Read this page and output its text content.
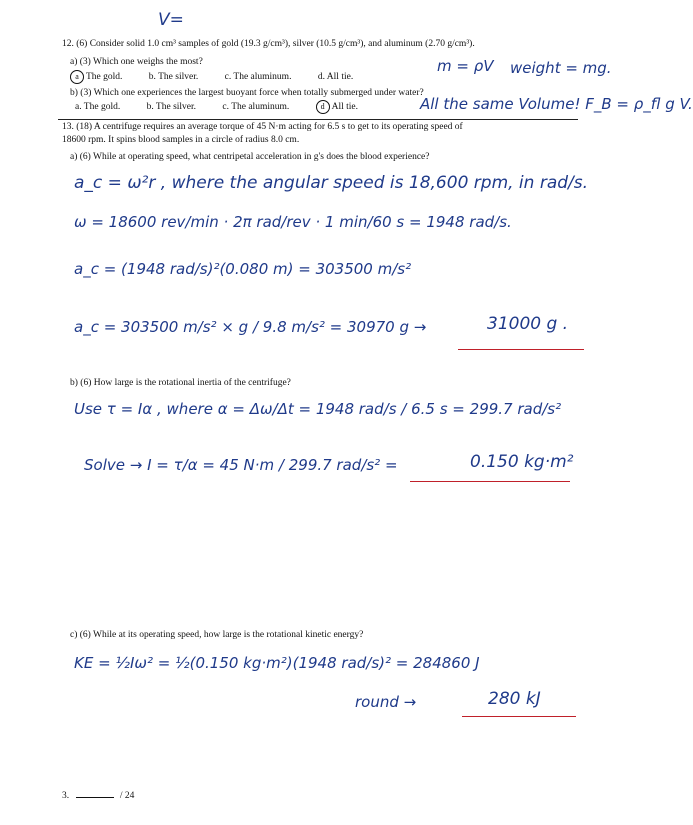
V=
12. (6) Consider solid 1.0 cm³ samples of gold (19.3 g/cm³), silver (10.5 g/cm³), and aluminum (2.70 g/cm³).
a) (3) Which one weighs the most?
a The gold.	b. The silver.	c. The aluminum.	d. All tie.
m = ρV weight = mg.
b) (3) Which one experiences the largest buoyant force when totally submerged under water?
a. The gold.	b. The silver.	c. The aluminum.	d All tie.	All the same Volume! F_B = ρ_fl g V.
13. (18) A centrifuge requires an average torque of 45 N·m acting for 6.5 s to get to its operating speed of
18600 rpm. It spins blood samples in a circle of radius 8.0 cm.
a) (6) While at operating speed, what centripetal acceleration in g's does the blood experience?
a_c = ω²r , where the angular speed is 18,600 rpm, in rad/s.
ω = 18600 rev/min · 2π rad/rev · 1 min/60 s = 1948 rad/s.
a_c = (1948 rad/s)²(0.080 m) = 303500 m/s²
a_c = 303500 m/s² × g / 9.8 m/s² = 30970 g →	31000 g .
b) (6) How large is the rotational inertia of the centrifuge?
Use τ = Iα , where α = Δω/Δt = 1948 rad/s / 6.5 s = 299.7 rad/s²
Solve → I = τ/α = 45 N·m / 299.7 rad/s² =	0.150 kg·m²
c) (6) While at its operating speed, how large is the rotational kinetic energy?
KE = ½Iω² = ½(0.150 kg·m²)(1948 rad/s)² = 284860 J
round →	280 kJ
3.	/ 24
